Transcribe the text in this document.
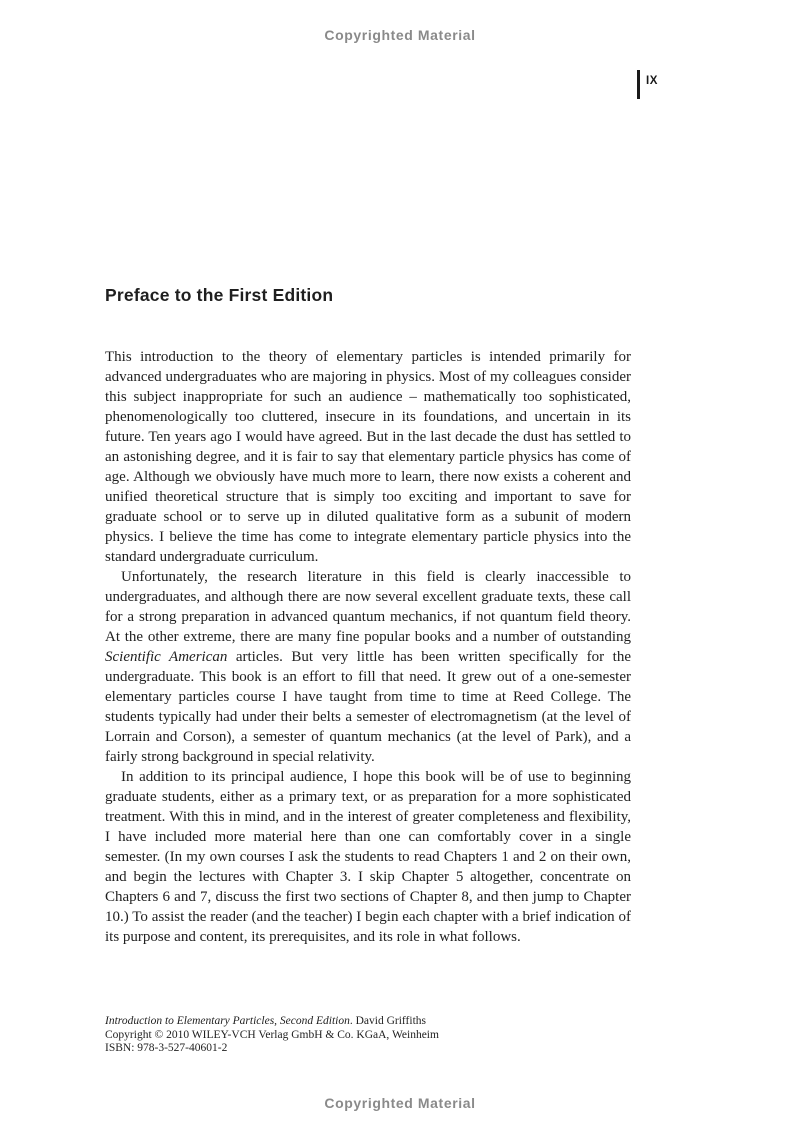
Copyrighted Material
IX
Preface to the First Edition

This introduction to the theory of elementary particles is intended primarily for advanced undergraduates who are majoring in physics. Most of my colleagues consider this subject inappropriate for such an audience – mathematically too sophisticated, phenomenologically too cluttered, insecure in its foundations, and uncertain in its future. Ten years ago I would have agreed. But in the last decade the dust has settled to an astonishing degree, and it is fair to say that elementary particle physics has come of age. Although we obviously have much more to learn, there now exists a coherent and unified theoretical structure that is simply too exciting and important to save for graduate school or to serve up in diluted qualitative form as a subunit of modern physics. I believe the time has come to integrate elementary particle physics into the standard undergraduate curriculum.

Unfortunately, the research literature in this field is clearly inaccessible to undergraduates, and although there are now several excellent graduate texts, these call for a strong preparation in advanced quantum mechanics, if not quantum field theory. At the other extreme, there are many fine popular books and a number of outstanding Scientific American articles. But very little has been written specifically for the undergraduate. This book is an effort to fill that need. It grew out of a one-semester elementary particles course I have taught from time to time at Reed College. The students typically had under their belts a semester of electromagnetism (at the level of Lorrain and Corson), a semester of quantum mechanics (at the level of Park), and a fairly strong background in special relativity.

In addition to its principal audience, I hope this book will be of use to beginning graduate students, either as a primary text, or as preparation for a more sophisticated treatment. With this in mind, and in the interest of greater completeness and flexibility, I have included more material here than one can comfortably cover in a single semester. (In my own courses I ask the students to read Chapters 1 and 2 on their own, and begin the lectures with Chapter 3. I skip Chapter 5 altogether, concentrate on Chapters 6 and 7, discuss the first two sections of Chapter 8, and then jump to Chapter 10.) To assist the reader (and the teacher) I begin each chapter with a brief indication of its purpose and content, its prerequisites, and its role in what follows.

Introduction to Elementary Particles, Second Edition. David Griffiths
Copyright © 2010 WILEY-VCH Verlag GmbH & Co. KGaA, Weinheim
ISBN: 978-3-527-40601-2
Copyrighted Material
